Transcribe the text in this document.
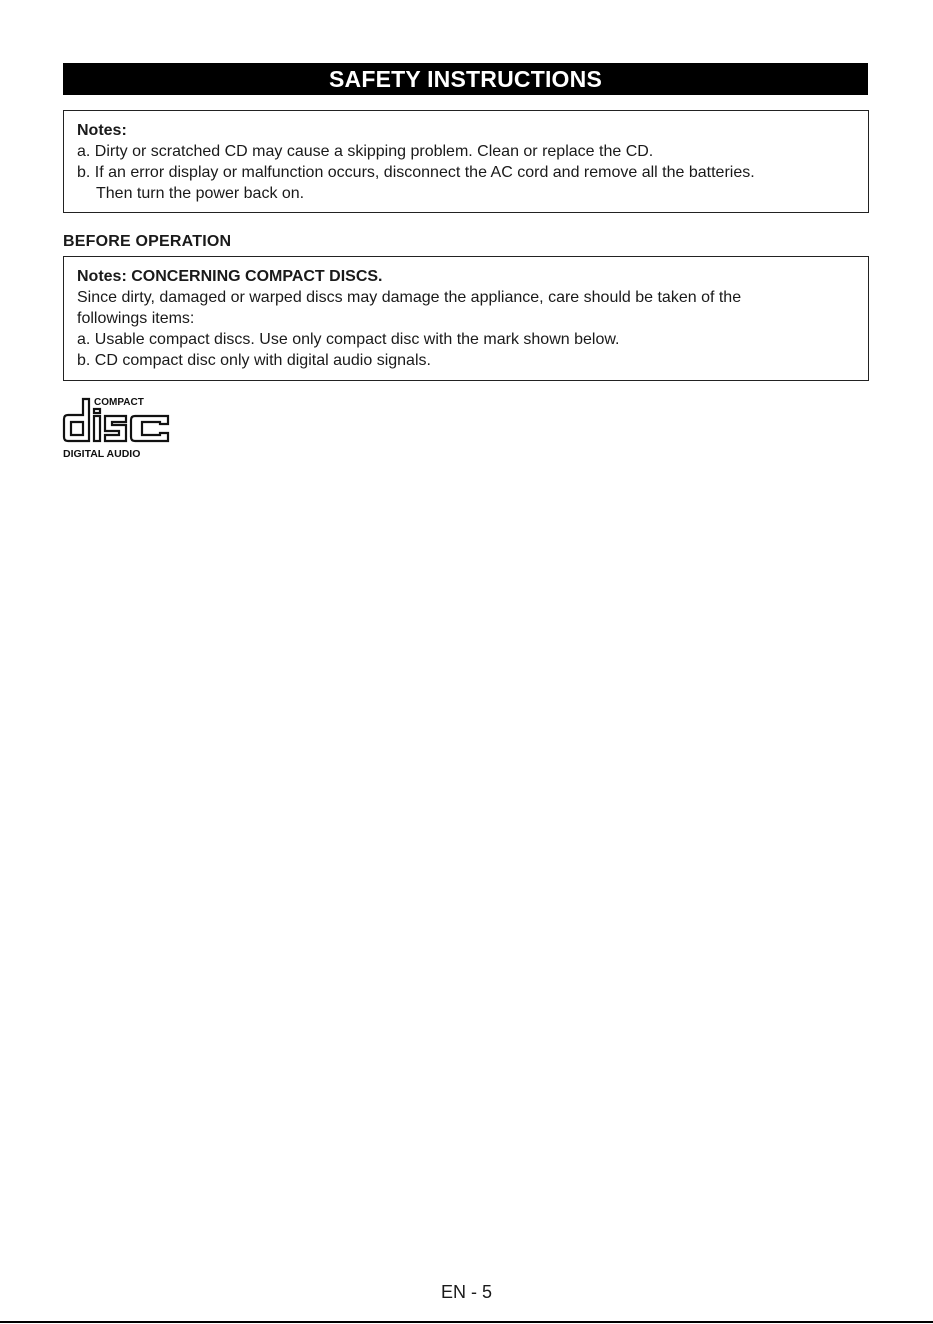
SAFETY INSTRUCTIONS

Notes:

a. Dirty or scratched CD may cause a skipping problem. Clean or replace the CD.

b. If an error display or malfunction occurs, disconnect the AC cord and remove all the batteries.

Then turn the power back on.

BEFORE OPERATION

Notes: CONCERNING COMPACT DISCS.

Since dirty, damaged or warped discs may damage the appliance, care should be taken of the

followings items:

a. Usable compact discs. Use only compact disc with the mark shown below.

b. CD compact disc only with digital audio signals.

COMPACT
DIGITAL AUDIO
EN - 5
